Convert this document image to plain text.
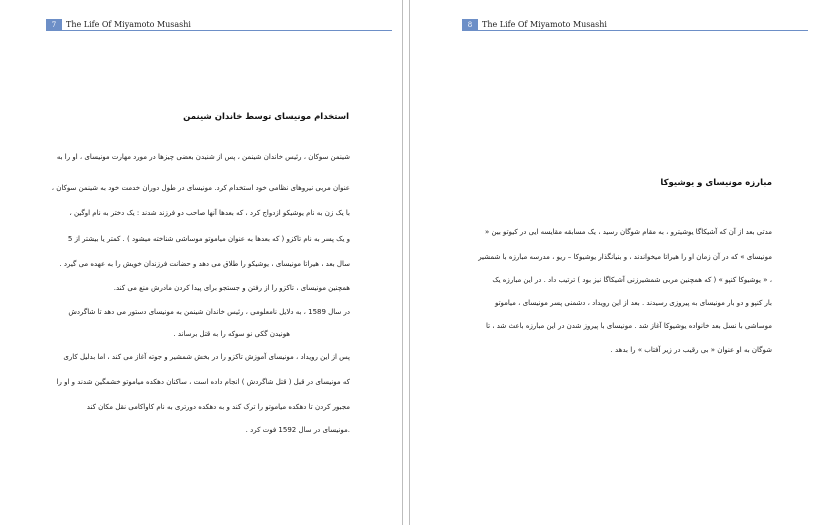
7	The Life Of Miyamoto Musashi
استخدام مونیسای توسط خاندان شینمن
شینمن سوکان ، رئیس خاندان شینمن ، پس از شنیدن بعضی چیزها در مورد مهارت مونیسای ، او را به
عنوان مربی نیروهای نظامی خود استخدام کرد. مونیسای در طول دوران خدمت خود به شینمن سوکان ،
با یک زن به نام یوشیکو ازدواج کرد ، که بعدها آنها صاحب دو فرزند شدند : یک دختر به نام اوگین ،
و یک پسر به نام تاکزو ( که بعدها به عنوان میاموتو موساشی شناخته میشود ) . کمتر یا بیشتر از 5
سال بعد ، هیراتا مونیسای ، یوشیکو را طلاق می دهد و حضانت فرزندان خویش را به عهده می گیرد .
همچنین مونیسای ، تاکزو را از رفتن و جستجو برای پیدا کردن مادرش منع می کند.
در سال 1589 ، به دلایل نامعلومی ، رئیس خاندان شینمن به مونیسای دستور می دهد تا شاگردش
هونیدن گکی نو سوکه را به قتل برساند .
پس از این رویداد ، مونیسای آموزش تاکزو را در بخش شمشیر و جوته آغاز می کند ، اما بدلیل کاری
که مونیسای در قبل ( قتل شاگردش ) انجام داده است ، ساکنان دهکده میاموتو خشمگین شدند و او را
مجبور کردن تا دهکده میاموتو را ترک کند و به دهکده دورتری به نام کاواکامی نقل مکان کند
.مونیسای در سال 1592 فوت کرد .
8	The Life Of Miyamoto Musashi
مبارزه مونیسای و یوشیوکا
مدتی بعد از آن که آشیکاگا یوشیترو ، به مقام شوگان رسید ، یک مسابقه مقایسه ایی در کیوتو بین «
مونیسای » که در آن زمان او را هیراتا میخواندند ، و بنیانگذار یوشیوکا – ریو ، مدرسه مبارزه با شمشیر
، « یوشیوکا کنپو » ( که همچنین مربی شمشیرزنی آشیکاگا نیز بود ) ترتیب داد . در این مبارزه یک
بار کنپو و دو بار مونیسای به پیروزی رسیدند . بعد از این رویداد ، دشمنی پسر مونیسای ، میاموتو
موساشی با نسل بعد خانواده یوشیوکا آغاز شد . مونیسای با پیروز شدن در این مبارزه باعث شد ، تا
شوگان به او عنوان « بی رقیب در زیر آفتاب » را بدهد .
